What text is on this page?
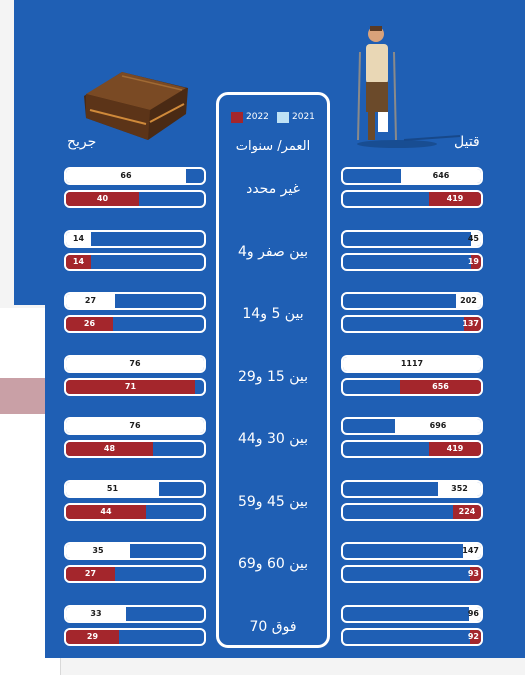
جريح	قتيل
2022	2021
العمر/ سنوات
غير محدد
بين صفر و4
بين 5 و14
بين 15 و29
بين 30 و44
بين 45 و59
بين 60 و69
فوق 70
66
40
646
419
14
14
45
19
27
26
202
137
76
71
1117
656
76
48
696
419
51
44
352
224
35
27
147
93
33
29
96
92
